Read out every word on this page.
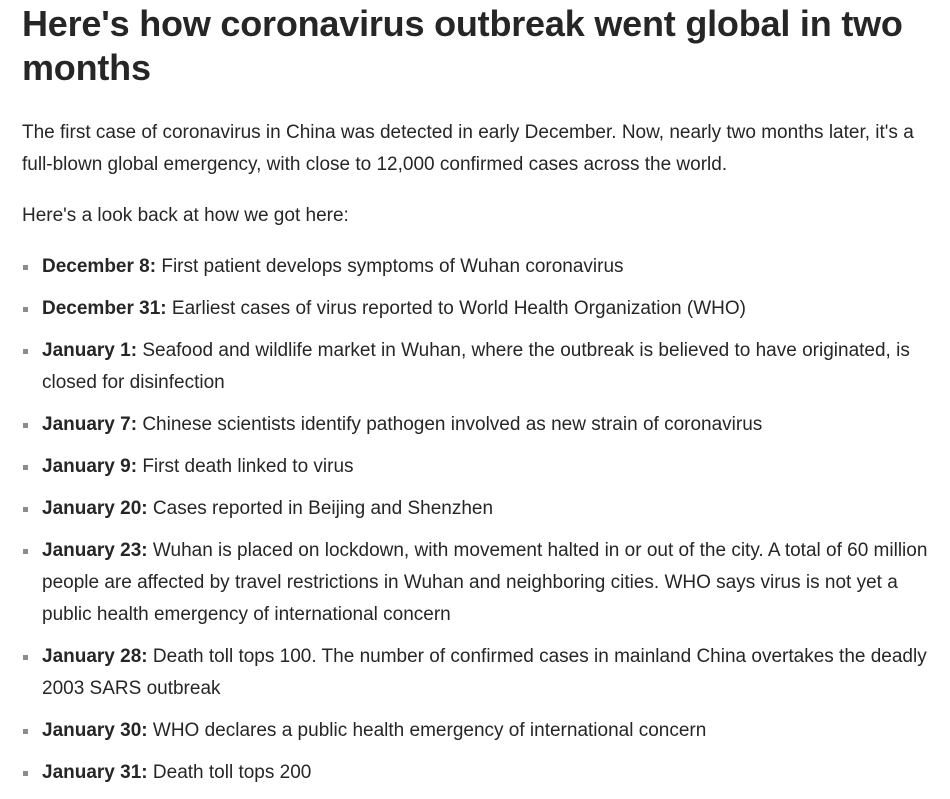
Here's how coronavirus outbreak went global in two months

The first case of coronavirus in China was detected in early December. Now, nearly two months later, it's a full-blown global emergency, with close to 12,000 confirmed cases across the world.

Here's a look back at how we got here:

December 8: First patient develops symptoms of Wuhan coronavirus
December 31: Earliest cases of virus reported to World Health Organization (WHO)
January 1: Seafood and wildlife market in Wuhan, where the outbreak is believed to have originated, is closed for disinfection
January 7: Chinese scientists identify pathogen involved as new strain of coronavirus
January 9: First death linked to virus
January 20: Cases reported in Beijing and Shenzhen
January 23: Wuhan is placed on lockdown, with movement halted in or out of the city. A total of 60 million people are affected by travel restrictions in Wuhan and neighboring cities. WHO says virus is not yet a public health emergency of international concern
January 28: Death toll tops 100. The number of confirmed cases in mainland China overtakes the deadly 2003 SARS outbreak
January 30: WHO declares a public health emergency of international concern
January 31: Death toll tops 200
